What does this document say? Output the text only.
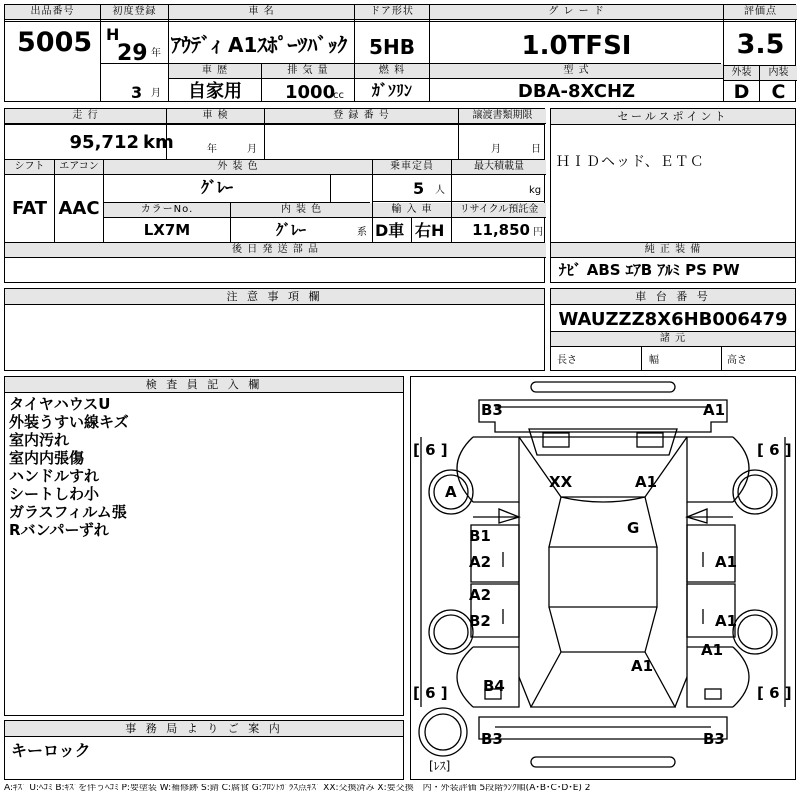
出品番号
5005
初度登録
H
29 年
3 月
車 名
ｱｳﾃﾞｨ A1ｽﾎﾟｰﾂﾊﾞｯｸ
車 歴
自家用
排 気 量
1000
cc
ドア形状
5HB
燃 料
ｶﾞｿﾘﾝ
グ レ ー ド
1.0TFSI
型 式
DBA-8XCHZ
評価点
3.5
外装	内装
D	C
走 行
95,712 km
車 検
年	月
登 録 番 号	譲渡書類期限
月	日
シフト
FAT
エアコン
AAC
外 装 色
ｸﾞﾚｰ
乗車定員
5 人
最大積載量
kg
カラーNo.
LX7M
内 装 色
ｸﾞﾚｰ	系
輸 入 車
D車 右H
リサイクル預託金
11,850 円
後 日 発 送 部 品
セールスポイント
ＨＩＤヘッド、ＥＴＣ
純 正 装 備
ﾅﾋﾞ ABS ｴｱB ｱﾙﾐ PS PW
注 意 事 項 欄	車 台 番 号
WAUZZZ8X6HB006479
諸 元
長さ	幅	高さ
検 査 員 記 入 欄
タイヤハウスU
外装うすい線キズ
室内汚れ
室内内張傷
ハンドルすれ
シートしわ小
ガラスフィルム張
Rバンパーずれ
事 務 局 よ り ご 案 内
キーロック
B3	A1
A
XX	A1
G
B1
A2	A1
A2
B2	A1
A1
A1
B4
B3	B3
[ 6 ]	[ 6 ]
[ 6 ]	[ 6 ]
[ﾚｽ]
A:ｷｽﾞ U:ﾍｺﾐ B:ｷｽﾞを伴うﾍｺﾐ P:要塗装 W:補修跡 S:錆 C:腐食 G:ﾌﾛﾝﾄｶﾞﾗｽ点ｷｽﾞ XX:交換済み X:要交換　内・外装評価 5段階ﾗﾝｸ順(A･B･C･D･E) 2
